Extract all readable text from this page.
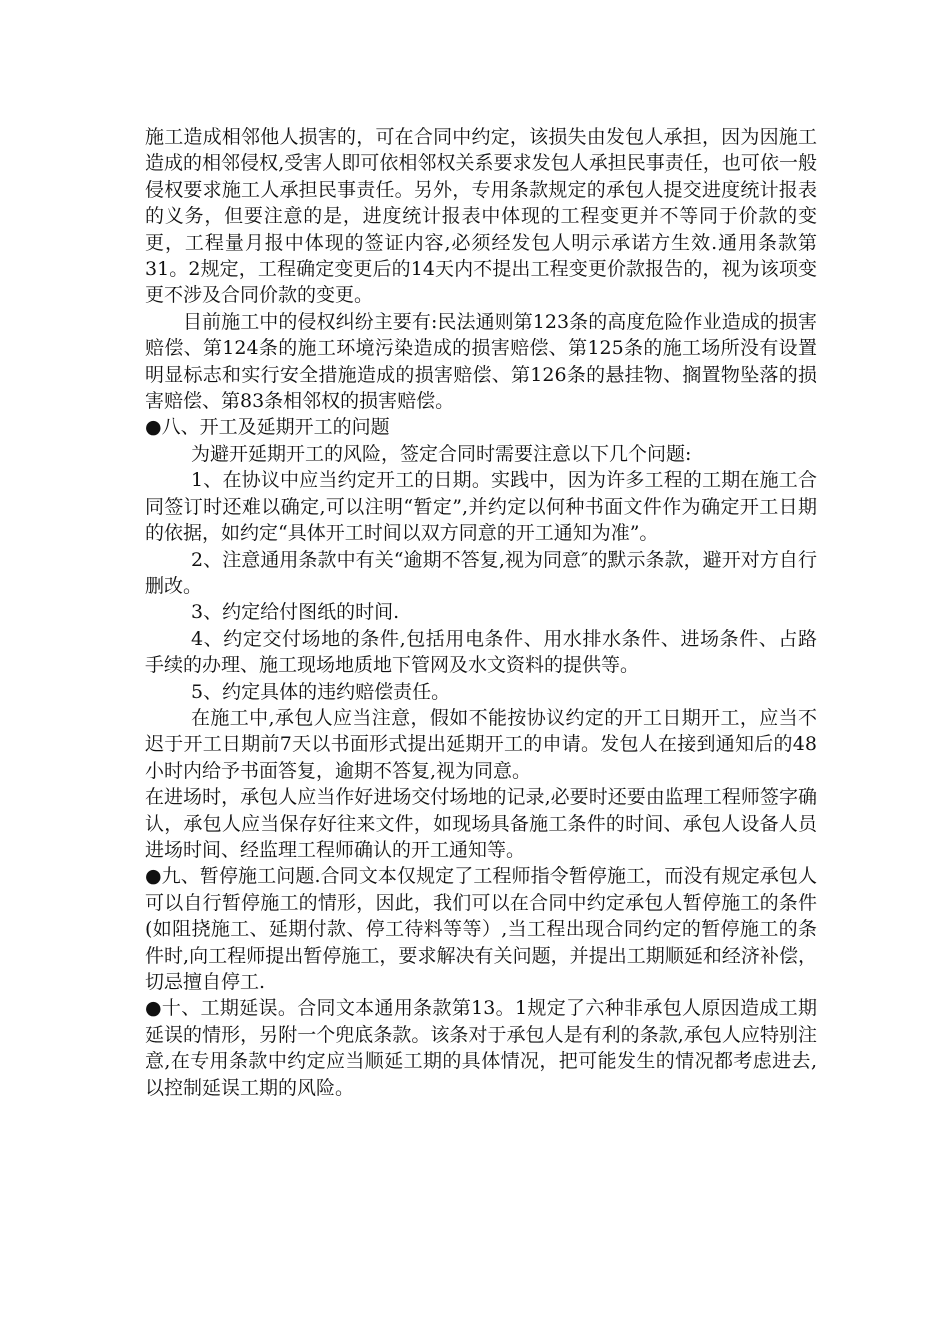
施工造成相邻他人损害的，可在合同中约定，该损失由发包人承担，因为因施工造成的相邻侵权,受害人即可依相邻权关系要求发包人承担民事责任，也可依一般侵权要求施工人承担民事责任。另外，专用条款规定的承包人提交进度统计报表的义务，但要注意的是，进度统计报表中体现的工程变更并不等同于价款的变更，工程量月报中体现的签证内容,必须经发包人明示承诺方生效.通用条款第31。2规定，工程确定变更后的14天内不提出工程变更价款报告的，视为该项变更不涉及合同价款的变更。

目前施工中的侵权纠纷主要有:民法通则第123条的高度危险作业造成的损害赔偿、第124条的施工环境污染造成的损害赔偿、第125条的施工场所没有设置明显标志和实行安全措施造成的损害赔偿、第126条的悬挂物、搁置物坠落的损害赔偿、第83条相邻权的损害赔偿。

●八、开工及延期开工的问题

为避开延期开工的风险，签定合同时需要注意以下几个问题:

1、在协议中应当约定开工的日期。实践中，因为许多工程的工期在施工合同签订时还难以确定,可以注明“暂定”,并约定以何种书面文件作为确定开工日期的依据，如约定“具体开工时间以双方同意的开工通知为准”。

2、注意通用条款中有关“逾期不答复,视为同意″的默示条款，避开对方自行删改。

3、约定给付图纸的时间.

4、约定交付场地的条件,包括用电条件、用水排水条件、进场条件、占路手续的办理、施工现场地质地下管网及水文资料的提供等。

5、约定具体的违约赔偿责任。

在施工中,承包人应当注意，假如不能按协议约定的开工日期开工，应当不迟于开工日期前7天以书面形式提出延期开工的申请。发包人在接到通知后的48小时内给予书面答复，逾期不答复,视为同意。

在进场时，承包人应当作好进场交付场地的记录,必要时还要由监理工程师签字确认，承包人应当保存好往来文件，如现场具备施工条件的时间、承包人设备人员进场时间、经监理工程师确认的开工通知等。

●九、暂停施工问题.合同文本仅规定了工程师指令暂停施工，而没有规定承包人可以自行暂停施工的情形，因此，我们可以在合同中约定承包人暂停施工的条件(如阻挠施工、延期付款、停工待料等等）,当工程出现合同约定的暂停施工的条件时,向工程师提出暂停施工，要求解决有关问题，并提出工期顺延和经济补偿，切忌擅自停工.

●十、工期延误。合同文本通用条款第13。1规定了六种非承包人原因造成工期延误的情形，另附一个兜底条款。该条对于承包人是有利的条款,承包人应特别注意,在专用条款中约定应当顺延工期的具体情况，把可能发生的情况都考虑进去,以控制延误工期的风险。
